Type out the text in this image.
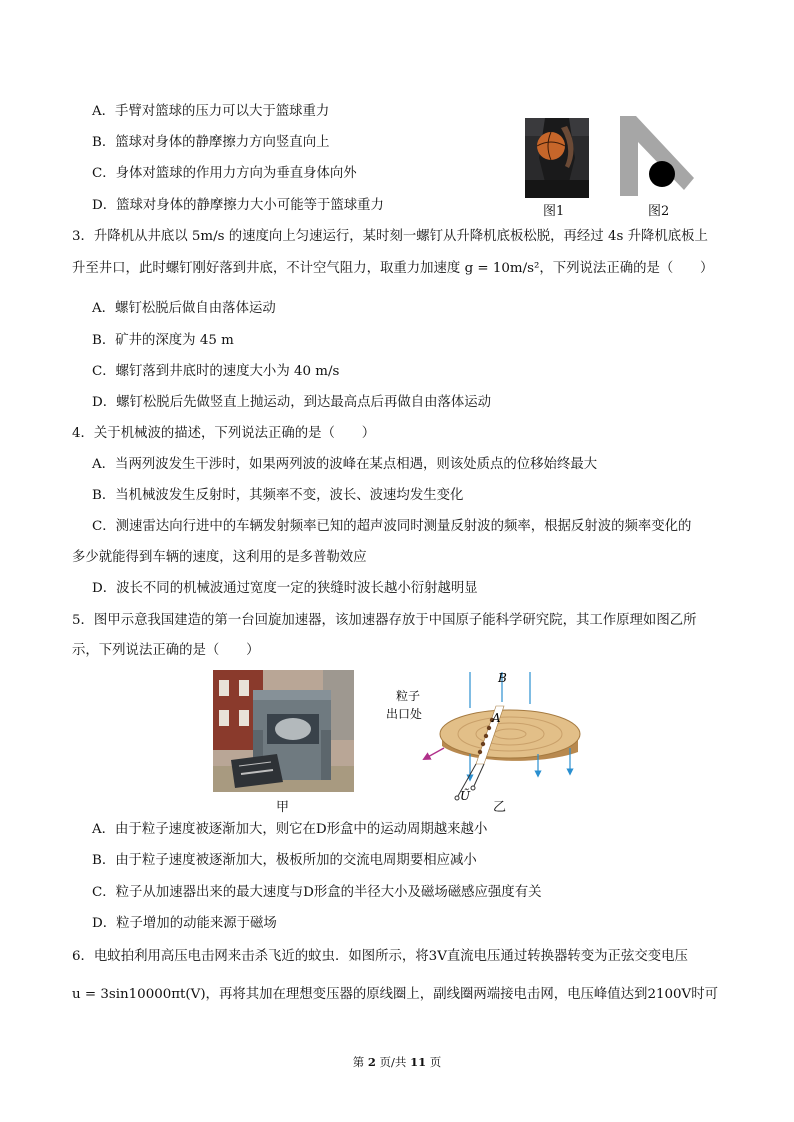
A．手臂对篮球的压力可以大于篮球重力
B．篮球对身体的静摩擦力方向竖直向上
C．身体对篮球的作用力方向为垂直身体向外
D．篮球对身体的静摩擦力大小可能等于篮球重力	图1	图2
3．升降机从井底以 5m/s 的速度向上匀速运行，某时刻一螺钉从升降机底板松脱，再经过 4s 升降机底板上
升至井口，此时螺钉刚好落到井底，不计空气阻力，取重力加速度 g = 10m/s²，下列说法正确的是（　　）
A．螺钉松脱后做自由落体运动
B．矿井的深度为 45 m
C．螺钉落到井底时的速度大小为 40 m/s
D．螺钉松脱后先做竖直上抛运动，到达最高点后再做自由落体运动
4．关于机械波的描述，下列说法正确的是（　　）
A．当两列波发生干涉时，如果两列波的波峰在某点相遇，则该处质点的位移始终最大
B．当机械波发生反射时，其频率不变，波长、波速均发生变化
C．测速雷达向行进中的车辆发射频率已知的超声波同时测量反射波的频率，根据反射波的频率变化的
多少就能得到车辆的速度，这利用的是多普勒效应
D．波长不同的机械波通过宽度一定的狭缝时波长越小衍射越明显
5．图甲示意我国建造的第一台回旋加速器，该加速器存放于中国原子能科学研究院，其工作原理如图乙所
示，下列说法正确的是（　　）
甲
B
A
粒子
出口处
Ũ
乙
A．由于粒子速度被逐渐加大，则它在D形盒中的运动周期越来越小
B．由于粒子速度被逐渐加大，极板所加的交流电周期要相应减小
C．粒子从加速器出来的最大速度与D形盒的半径大小及磁场磁感应强度有关
D．粒子增加的动能来源于磁场
6．电蚊拍利用高压电击网来击杀飞近的蚊虫．如图所示，将3V直流电压通过转换器转变为正弦交变电压
u = 3sin10000πt(V)，再将其加在理想变压器的原线圈上，副线圈两端接电击网，电压峰值达到2100V时可
第 2 页/共 11 页
